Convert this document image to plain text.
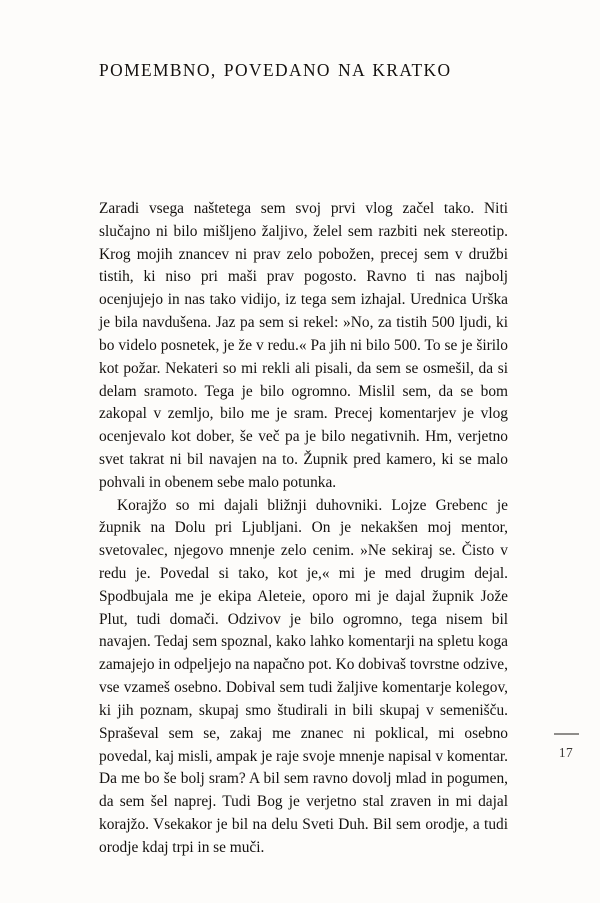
POMEMBNO, POVEDANO NA KRATKO

Zaradi vsega naštetega sem svoj prvi vlog začel tako. Niti slučajno ni bilo mišljeno žaljivo, želel sem razbiti nek stereotip. Krog mojih znancev ni prav zelo pobožen, precej sem v družbi tistih, ki niso pri maši prav pogosto. Ravno ti nas najbolj ocenjujejo in nas tako vidijo, iz tega sem izhajal. Urednica Urška je bila navdušena. Jaz pa sem si rekel: »No, za tistih 500 ljudi, ki bo videlo posnetek, je že v redu.« Pa jih ni bilo 500. To se je širilo kot požar. Nekateri so mi rekli ali pisali, da sem se osmešil, da si delam sramoto. Tega je bilo ogromno. Mislil sem, da se bom zakopal v zemljo, bilo me je sram. Precej komentarjev je vlog ocenjevalo kot dober, še več pa je bilo negativnih. Hm, verjetno svet takrat ni bil navajen na to. Župnik pred kamero, ki se malo pohvali in obenem sebe malo potunka.

Korajžo so mi dajali bližnji duhovniki. Lojze Grebenc je župnik na Dolu pri Ljubljani. On je nekakšen moj mentor, svetovalec, njegovo mnenje zelo cenim. »Ne sekiraj se. Čisto v redu je. Povedal si tako, kot je,« mi je med drugim dejal. Spodbujala me je ekipa Aleteie, oporo mi je dajal župnik Jože Plut, tudi domači. Odzivov je bilo ogromno, tega nisem bil navajen. Tedaj sem spoznal, kako lahko komentarji na spletu koga zamajejo in odpeljejo na napačno pot. Ko dobivaš tovrstne odzive, vse vzameš osebno. Dobival sem tudi žaljive komentarje kolegov, ki jih poznam, skupaj smo študirali in bili skupaj v semenišču. Spraševal sem se, zakaj me znanec ni poklical, mi osebno povedal, kaj misli, ampak je raje svoje mnenje napisal v komentar. Da me bo še bolj sram? A bil sem ravno dovolj mlad in pogumen, da sem šel naprej. Tudi Bog je verjetno stal zraven in mi dajal korajžo. Vsekakor je bil na delu Sveti Duh. Bil sem orodje, a tudi orodje kdaj trpi in se muči.

17
